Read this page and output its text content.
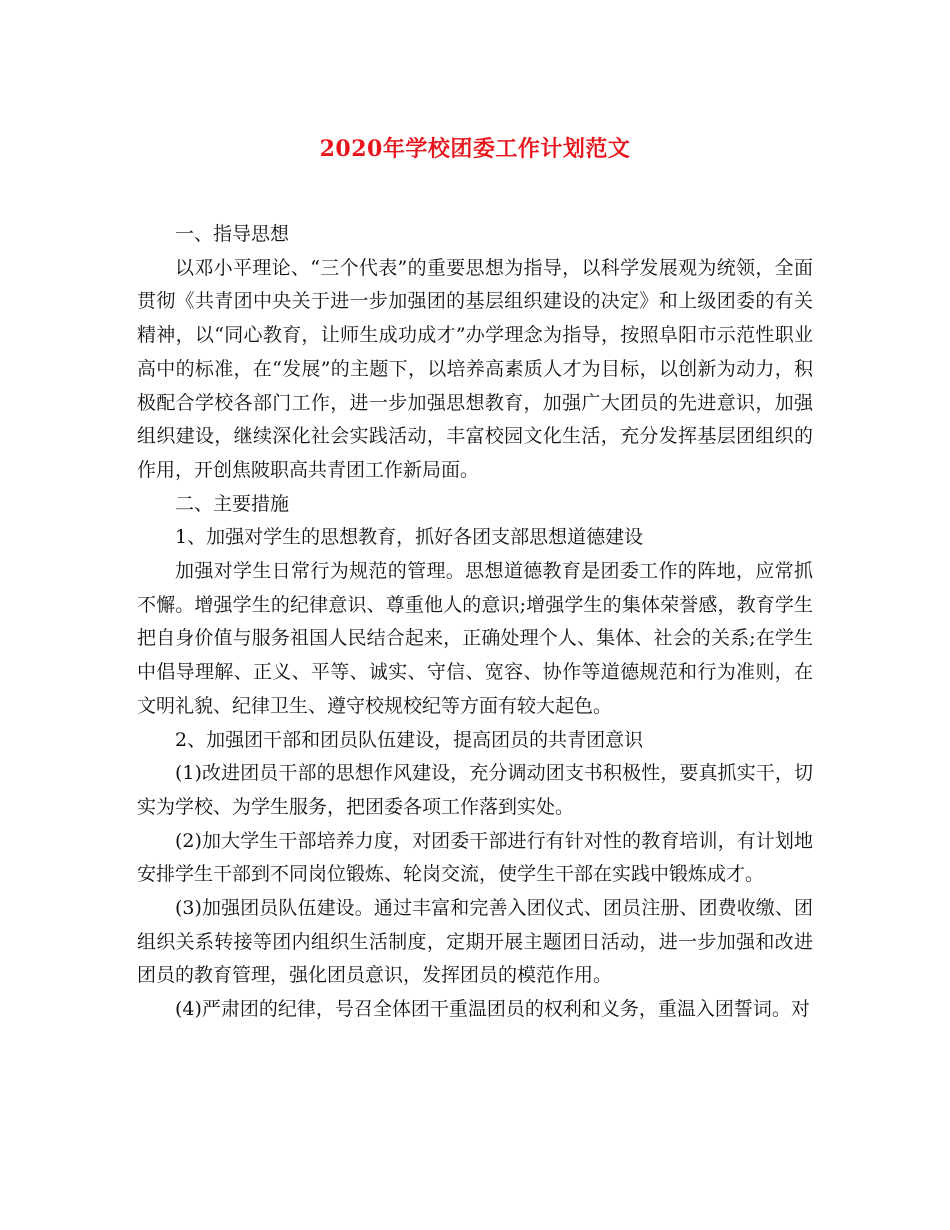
2020年学校团委工作计划范文

一、指导思想

以邓小平理论、“三个代表”的重要思想为指导，以科学发展观为统领，全面贯彻《共青团中央关于进一步加强团的基层组织建设的决定》和上级团委的有关精神，以“同心教育，让师生成功成才”办学理念为指导，按照阜阳市示范性职业高中的标准，在“发展”的主题下，以培养高素质人才为目标，以创新为动力，积极配合学校各部门工作，进一步加强思想教育，加强广大团员的先进意识，加强组织建设，继续深化社会实践活动，丰富校园文化生活，充分发挥基层团组织的作用，开创焦陂职高共青团工作新局面。

二、主要措施

1、加强对学生的思想教育，抓好各团支部思想道德建设

加强对学生日常行为规范的管理。思想道德教育是团委工作的阵地，应常抓不懈。增强学生的纪律意识、尊重他人的意识;增强学生的集体荣誉感，教育学生把自身价值与服务祖国人民结合起来，正确处理个人、集体、社会的关系;在学生中倡导理解、正义、平等、诚实、守信、宽容、协作等道德规范和行为准则，在文明礼貌、纪律卫生、遵守校规校纪等方面有较大起色。

2、加强团干部和团员队伍建设，提高团员的共青团意识

(1)改进团员干部的思想作风建设，充分调动团支书积极性，要真抓实干，切实为学校、为学生服务，把团委各项工作落到实处。

(2)加大学生干部培养力度，对团委干部进行有针对性的教育培训，有计划地安排学生干部到不同岗位锻炼、轮岗交流，使学生干部在实践中锻炼成才。

(3)加强团员队伍建设。通过丰富和完善入团仪式、团员注册、团费收缴、团组织关系转接等团内组织生活制度，定期开展主题团日活动，进一步加强和改进团员的教育管理，强化团员意识，发挥团员的模范作用。

(4)严肃团的纪律，号召全体团干重温团员的权利和义务，重温入团誓词。对
